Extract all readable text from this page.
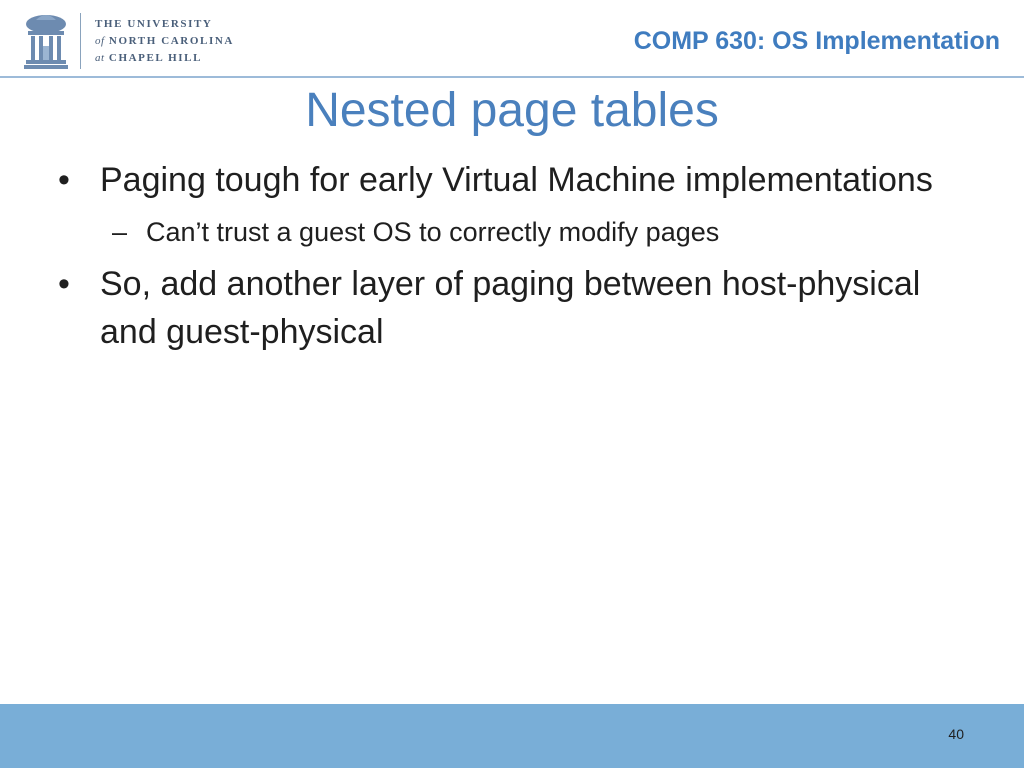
THE UNIVERSITY
of NORTH CAROLINA
at CHAPEL HILL
COMP 630: OS Implementation
Nested page tables
• Paging tough for early Virtual Machine implementations
– Can’t trust a guest OS to correctly modify pages
• So, add another layer of paging between host-physical and guest-physical
40
